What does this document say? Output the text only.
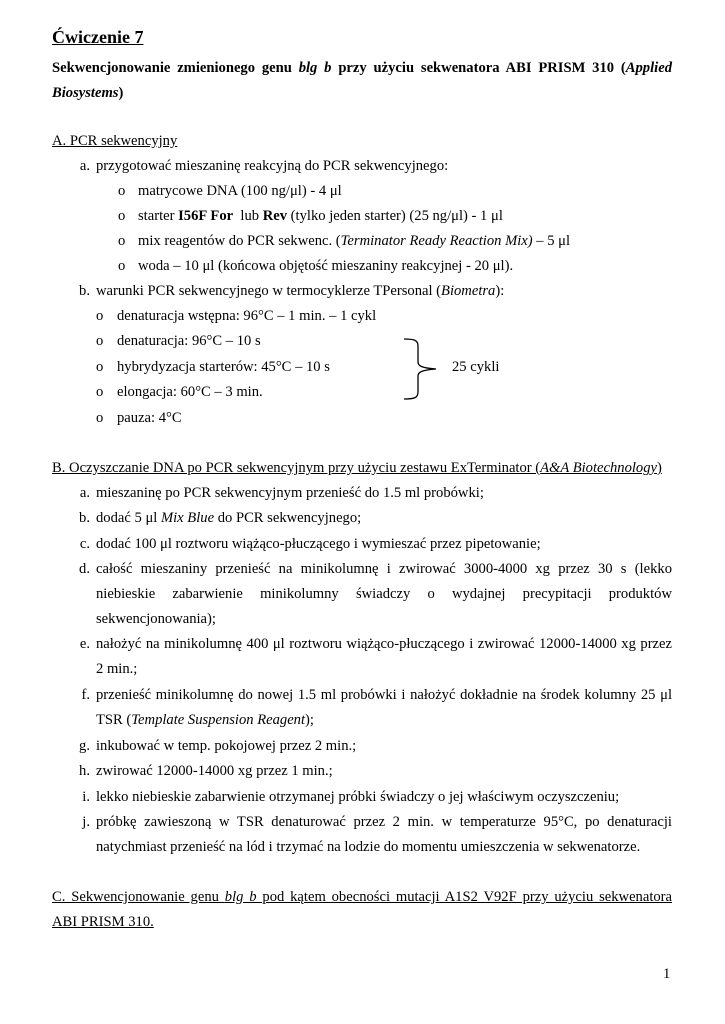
Ćwiczenie 7
Sekwencjonowanie zmienionego genu blg b przy użyciu sekwenatora ABI PRISM 310 (Applied
Biosystems)
A. PCR sekwencyjny
a. przygotować mieszaninę reakcyjną do PCR sekwencyjnego:
o matrycowe DNA (100 ng/μl) - 4 μl
o starter I56F For  lub Rev (tylko jeden starter) (25 ng/μl) - 1 μl
o mix reagentów do PCR sekwenc. (Terminator Ready Reaction Mix) – 5 μl
o woda – 10 μl (końcowa objętość mieszaniny reakcyjnej - 20 μl).
b. warunki PCR sekwencyjnego w termocyklerze TPersonal (Biometra):
o denaturacja wstępna: 96°C – 1 min. – 1 cykl
o denaturacja: 96°C – 10 s
o hybrydyzacja starterów: 45°C – 10 s
o elongacja: 60°C – 3 min.
o pauza: 4°C
25 cykli
B. Oczyszczanie DNA po PCR sekwencyjnym przy użyciu zestawu ExTerminator (A&A Biotechnology)
a. mieszaninę po PCR sekwencyjnym przenieść do 1.5 ml probówki;
b. dodać 5 μl Mix Blue do PCR sekwencyjnego;
c. dodać 100 μl roztworu wiążąco-płuczącego i wymieszać przez pipetowanie;
d. całość mieszaniny przenieść na minikolumnę i zwirować 3000-4000 xg przez 30 s (lekko
niebieskie zabarwienie minikolumny świadczy o wydajnej precypitacji produktów
sekwencjonowania);
e. nałożyć na minikolumnę 400 μl roztworu wiążąco-płuczącego i zwirować 12000-14000 xg przez
2 min.;
f. przenieść minikolumnę do nowej 1.5 ml probówki i nałożyć dokładnie na środek kolumny 25 μl
TSR (Template Suspension Reagent);
g. inkubować w temp. pokojowej przez 2 min.;
h. zwirować 12000-14000 xg przez 1 min.;
i. lekko niebieskie zabarwienie otrzymanej próbki świadczy o jej właściwym oczyszczeniu;
j. próbkę zawieszoną w TSR denaturować przez 2 min. w temperaturze 95°C, po denaturacji
natychmiast przenieść na lód i trzymać na lodzie do momentu umieszczenia w sekwenatorze.
C. Sekwencjonowanie genu blg b pod kątem obecności mutacji A1S2 V92F przy użyciu sekwenatora
ABI PRISM 310.
1
